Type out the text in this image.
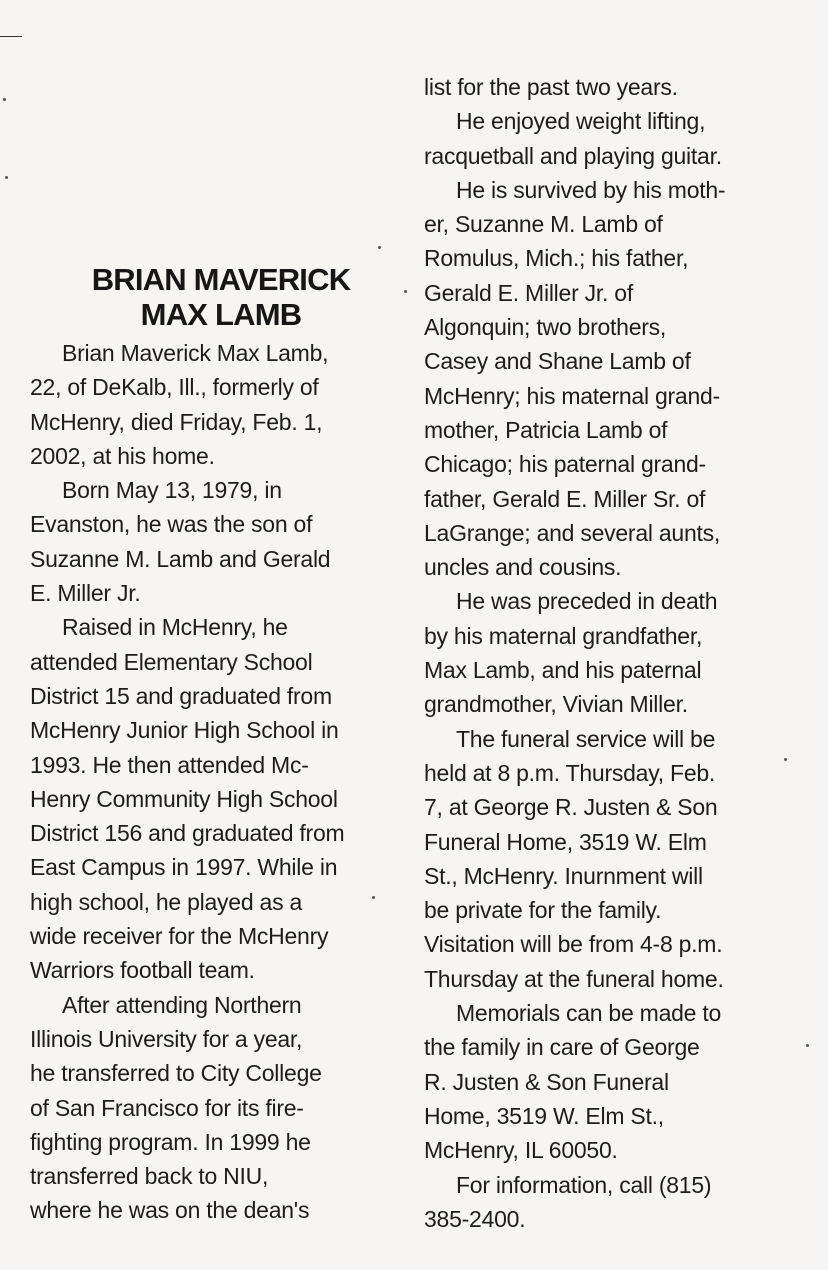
BRIAN MAVERICK
MAX LAMB
Brian Maverick Max Lamb,
22, of DeKalb, Ill., formerly of
McHenry, died Friday, Feb. 1,
2002, at his home.
Born May 13, 1979, in
Evanston, he was the son of
Suzanne M. Lamb and Gerald
E. Miller Jr.
Raised in McHenry, he
attended Elementary School
District 15 and graduated from
McHenry Junior High School in
1993. He then attended Mc-
Henry Community High School
District 156 and graduated from
East Campus in 1997. While in
high school, he played as a
wide receiver for the McHenry
Warriors football team.
After attending Northern
Illinois University for a year,
he transferred to City College
of San Francisco for its fire-
fighting program. In 1999 he
transferred back to NIU,
where he was on the dean's
list for the past two years.
He enjoyed weight lifting,
racquetball and playing guitar.
He is survived by his moth-
er, Suzanne M. Lamb of
Romulus, Mich.; his father,
Gerald E. Miller Jr. of
Algonquin; two brothers,
Casey and Shane Lamb of
McHenry; his maternal grand-
mother, Patricia Lamb of
Chicago; his paternal grand-
father, Gerald E. Miller Sr. of
LaGrange; and several aunts,
uncles and cousins.
He was preceded in death
by his maternal grandfather,
Max Lamb, and his paternal
grandmother, Vivian Miller.
The funeral service will be
held at 8 p.m. Thursday, Feb.
7, at George R. Justen & Son
Funeral Home, 3519 W. Elm
St., McHenry. Inurnment will
be private for the family.
Visitation will be from 4-8 p.m.
Thursday at the funeral home.
Memorials can be made to
the family in care of George
R. Justen & Son Funeral
Home, 3519 W. Elm St.,
McHenry, IL 60050.
For information, call (815)
385-2400.
